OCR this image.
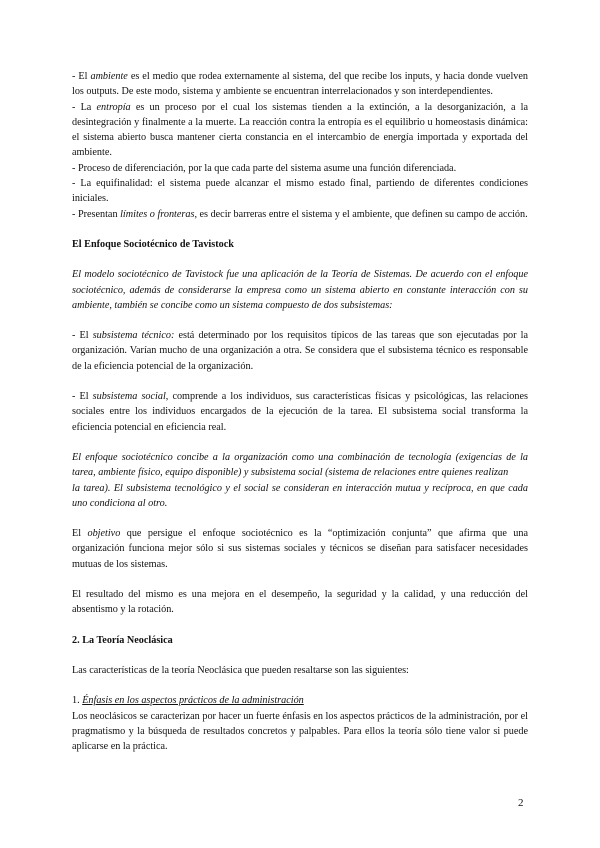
- El ambiente es el medio que rodea externamente al sistema, del que recibe los inputs, y hacia donde vuelven los outputs. De este modo, sistema y ambiente se encuentran interrelacionados y son interdependientes.

- La entropía es un proceso por el cual los sistemas tienden a la extinción, a la desorganización, a la desintegración y finalmente a la muerte. La reacción contra la entropía es el equilibrio u homeostasis dinámica: el sistema abierto busca mantener cierta constancia en el intercambio de energía importada y exportada del ambiente.

- Proceso de diferenciación, por la que cada parte del sistema asume una función diferenciada.

- La equifinalidad: el sistema puede alcanzar el mismo estado final, partiendo de diferentes condiciones iniciales.

- Presentan límites o fronteras, es decir barreras entre el sistema y el ambiente, que definen su campo de acción.

El Enfoque Sociotécnico de Tavistock

El modelo sociotécnico de Tavistock fue una aplicación de la Teoría de Sistemas. De acuerdo con el enfoque sociotécnico, además de considerarse la empresa como un sistema abierto en constante interacción con su ambiente, también se concibe como un sistema compuesto de dos subsistemas:

- El subsistema técnico: está determinado por los requisitos típicos de las tareas que son ejecutadas por la organización. Varían mucho de una organización a otra. Se considera que el subsistema técnico es responsable de la eficiencia potencial de la organización.

- El subsistema social, comprende a los individuos, sus características físicas y psicológicas, las relaciones sociales entre los individuos encargados de la ejecución de la tarea. El subsistema social transforma la eficiencia potencial en eficiencia real.

El enfoque sociotécnico concibe a la organización como una combinación de tecnología (exigencias de la tarea, ambiente físico, equipo disponible) y subsistema social (sistema de relaciones entre quienes realizan

la tarea). El subsistema tecnológico y el social se consideran en interacción mutua y recíproca, en que cada uno condiciona al otro.

El objetivo que persigue el enfoque sociotécnico es la “optimización conjunta” que afirma que una organización funciona mejor sólo si sus sistemas sociales y técnicos se diseñan para satisfacer necesidades mutuas de los sistemas.

El resultado del mismo es una mejora en el desempeño, la seguridad y la calidad, y una reducción del absentismo y la rotación.

2. La Teoría Neoclásica

Las características de la teoría Neoclásica que pueden resaltarse son las siguientes:

1. Énfasis en los aspectos prácticos de la administración

Los neoclásicos se caracterizan por hacer un fuerte énfasis en los aspectos prácticos de la administración, por el pragmatismo y la búsqueda de resultados concretos y palpables. Para ellos la teoría sólo tiene valor si puede aplicarse en la práctica.

2
